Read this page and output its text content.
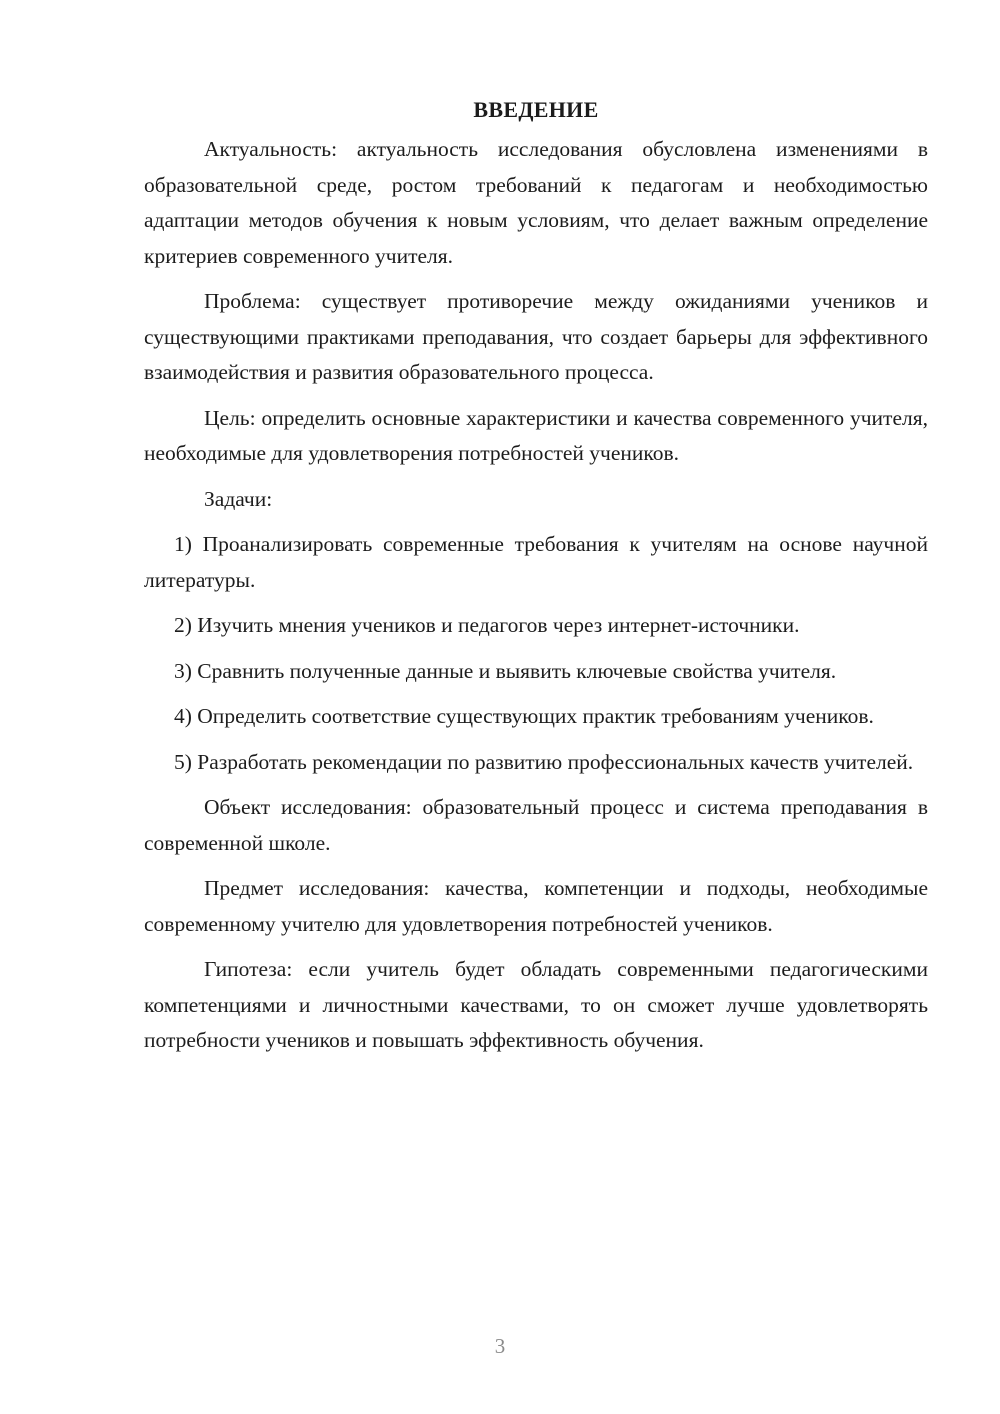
ВВЕДЕНИЕ

Актуальность: актуальность исследования обусловлена изменениями в образовательной среде, ростом требований к педагогам и необходимостью адаптации методов обучения к новым условиям, что делает важным определение критериев современного учителя.

Проблема: существует противоречие между ожиданиями учеников и существующими практиками преподавания, что создает барьеры для эффективного взаимодействия и развития образовательного процесса.

Цель: определить основные характеристики и качества современного учителя, необходимые для удовлетворения потребностей учеников.

Задачи:

1) Проанализировать современные требования к учителям на основе научной литературы.

2) Изучить мнения учеников и педагогов через интернет-источники.

3) Сравнить полученные данные и выявить ключевые свойства учителя.

4) Определить соответствие существующих практик требованиям учеников.

5) Разработать рекомендации по развитию профессиональных качеств учителей.

Объект исследования: образовательный процесс и система преподавания в современной школе.

Предмет исследования: качества, компетенции и подходы, необходимые современному учителю для удовлетворения потребностей учеников.

Гипотеза: если учитель будет обладать современными педагогическими компетенциями и личностными качествами, то он сможет лучше удовлетворять потребности учеников и повышать эффективность обучения.

3
